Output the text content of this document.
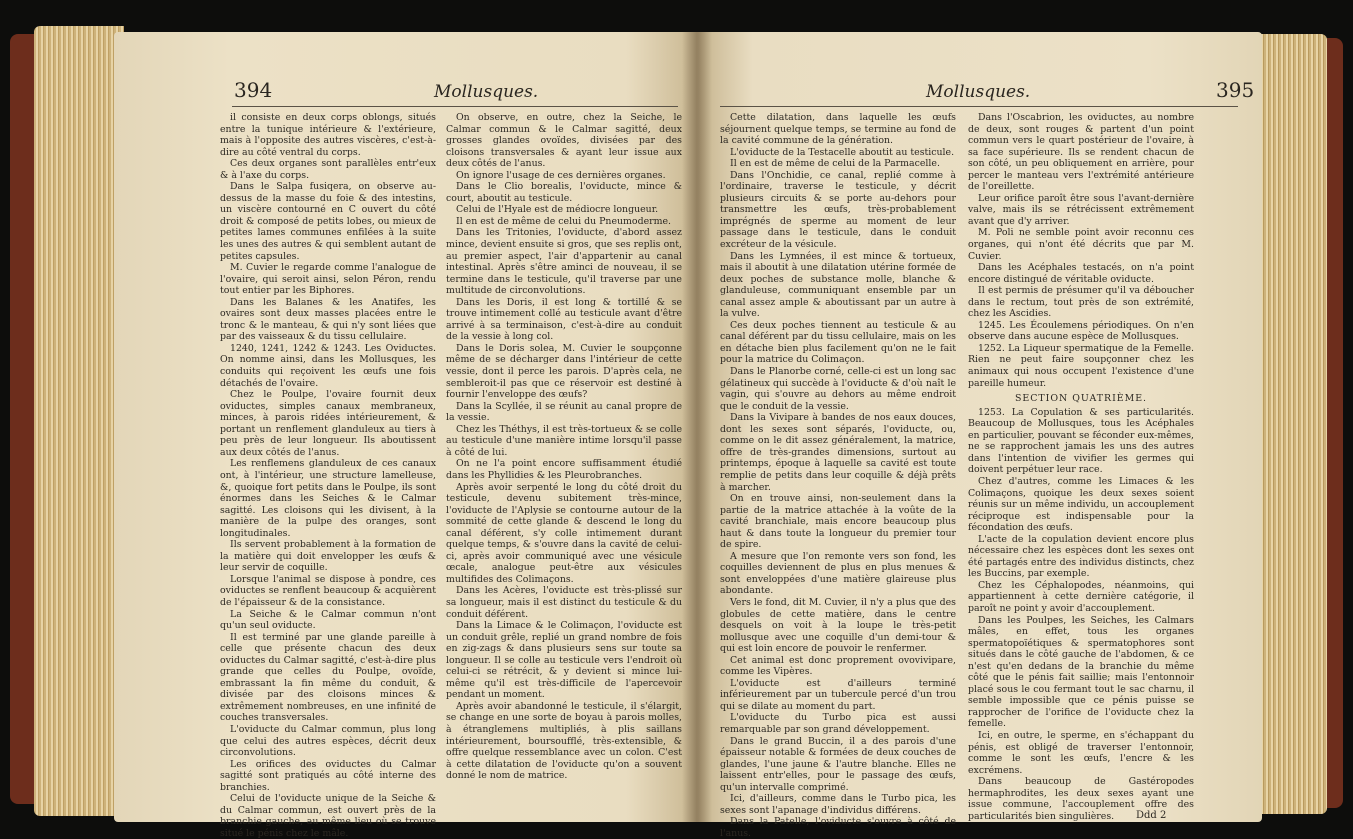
394	Mollusques.

il consiste en deux corps oblongs, situés entre la tunique intérieure & l'extérieure, mais à l'opposite des autres viscères, c'est-à-dire au côté ventral du corps.

Ces deux organes sont parallèles entr'eux & à l'axe du corps.

Dans le Salpa fusiqera, on observe au-dessus de la masse du foie & des intestins, un viscère contourné en C ouvert du côté droit & composé de petits lobes, ou mieux de petites lames communes enfilées à la suite les unes des autres & qui semblent autant de petites capsules.

M. Cuvier le regarde comme l'analogue de l'ovaire, qui seroit ainsi, selon Péron, rendu tout entier par les Biphores.

Dans les Balanes & les Anatifes, les ovaires sont deux masses placées entre le tronc & le manteau, & qui n'y sont liées que par des vaisseaux & du tissu cellulaire.

1240, 1241, 1242 & 1243. Les Oviductes. On nomme ainsi, dans les Mollusques, les conduits qui reçoivent les œufs une fois détachés de l'ovaire.

Chez le Poulpe, l'ovaire fournit deux oviductes, simples canaux membraneux, minces, à parois ridées intérieurement, & portant un renflement glanduleux au tiers à peu près de leur longueur. Ils aboutissent aux deux côtés de l'anus.

Les renflemens glanduleux de ces canaux ont, à l'intérieur, une structure lamelleuse, &, quoique fort petits dans le Poulpe, ils sont énormes dans les Seiches & le Calmar sagitté. Les cloisons qui les divisent, à la manière de la pulpe des oranges, sont longitudinales.

Ils servent probablement à la formation de la matière qui doit envelopper les œufs & leur servir de coquille.

Lorsque l'animal se dispose à pondre, ces oviductes se renflent beaucoup & acquièrent de l'épaisseur & de la consistance.

La Seiche & le Calmar commun n'ont qu'un seul oviducte.

Il est terminé par une glande pareille à celle que présente chacun des deux oviductes du Calmar sagitté, c'est-à-dire plus grande que celles du Poulpe, ovoïde, embrassant la fin même du conduit, & divisée par des cloisons minces & extrêmement nombreuses, en une infinité de couches transversales.

L'oviducte du Calmar commun, plus long que celui des autres espèces, décrit deux circonvolutions.

Les orifices des oviductes du Calmar sagitté sont pratiqués au côté interne des branchies.

Celui de l'oviducte unique de la Seiche & du Calmar commun, est ouvert près de la branchie gauche, au même lieu où se trouve situé le pénis chez le mâle.

On observe, en outre, chez la Seiche, le Calmar commun & le Calmar sagitté, deux grosses glandes ovoïdes, divisées par des cloisons transversales & ayant leur issue aux deux côtés de l'anus.

On ignore l'usage de ces dernières organes.

Dans le Clio borealis, l'oviducte, mince & court, aboutit au testicule.

Celui de l'Hyale est de médiocre longueur.

Il en est de même de celui du Pneumoderme.

Dans les Tritonies, l'oviducte, d'abord assez mince, devient ensuite si gros, que ses replis ont, au premier aspect, l'air d'appartenir au canal intestinal. Après s'être aminci de nouveau, il se termine dans le testicule, qu'il traverse par une multitude de circonvolutions.

Dans les Doris, il est long & tortillé & se trouve intimement collé au testicule avant d'être arrivé à sa terminaison, c'est-à-dire au conduit de la vessie à long col.

Dans le Doris solea, M. Cuvier le soupçonne même de se décharger dans l'intérieur de cette vessie, dont il perce les parois. D'après cela, ne sembleroit-il pas que ce réservoir est destiné à fournir l'enveloppe des œufs?

Dans la Scyllée, il se réunit au canal propre de la vessie.

Chez les Théthys, il est très-tortueux & se colle au testicule d'une manière intime lorsqu'il passe à côté de lui.

On ne l'a point encore suffisamment étudié dans les Phyllidies & les Pleurobranches.

Après avoir serpenté le long du côté droit du testicule, devenu subitement très-mince, l'oviducte de l'Aplysie se contourne autour de la sommité de cette glande & descend le long du canal déférent, s'y colle intimement durant quelque temps, & s'ouvre dans la cavité de celui-ci, après avoir communiqué avec une vésicule œcale, analogue peut-être aux vésicules multifides des Colimaçons.

Dans les Acères, l'oviducte est très-plissé sur sa longueur, mais il est distinct du testicule & du conduit déférent.

Dans la Limace & le Colimaçon, l'oviducte est un conduit grêle, replié un grand nombre de fois en zig-zags & dans plusieurs sens sur toute sa longueur. Il se colle au testicule vers l'endroit où celui-ci se rétrécit, & y devient si mince lui-même qu'il est très-difficile de l'apercevoir pendant un moment.

Après avoir abandonné le testicule, il s'élargit, se change en une sorte de boyau à parois molles, à étranglemens multipliés, à plis saillans intérieurement, boursoufflé, très-extensible, & offre quelque ressemblance avec un colon. C'est à cette dilatation de l'oviducte qu'on a souvent donné le nom de matrice.

Mollusques.	395

Cette dilatation, dans laquelle les œufs séjournent quelque temps, se termine au fond de la cavité commune de la génération.

L'oviducte de la Testacelle aboutit au testicule.

Il en est de même de celui de la Parmacelle.

Dans l'Onchidie, ce canal, replié comme à l'ordinaire, traverse le testicule, y décrit plusieurs circuits & se porte au-dehors pour transmettre les œufs, très-probablement imprégnés de sperme au moment de leur passage dans le testicule, dans le conduit excréteur de la vésicule.

Dans les Lymnées, il est mince & tortueux, mais il aboutit à une dilatation utérine formée de deux poches de substance molle, blanche & glanduleuse, communiquant ensemble par un canal assez ample & aboutissant par un autre à la vulve.

Ces deux poches tiennent au testicule & au canal déférent par du tissu cellulaire, mais on les en détache bien plus facilement qu'on ne le fait pour la matrice du Colimaçon.

Dans le Planorbe corné, celle-ci est un long sac gélatineux qui succède à l'oviducte & d'où naît le vagin, qui s'ouvre au dehors au même endroit que le conduit de la vessie.

Dans la Vivipare à bandes de nos eaux douces, dont les sexes sont séparés, l'oviducte, ou, comme on le dit assez généralement, la matrice, offre de très-grandes dimensions, surtout au printemps, époque à laquelle sa cavité est toute remplie de petits dans leur coquille & déjà prêts à marcher.

On en trouve ainsi, non-seulement dans la partie de la matrice attachée à la voûte de la cavité branchiale, mais encore beaucoup plus haut & dans toute la longueur du premier tour de spire.

A mesure que l'on remonte vers son fond, les coquilles deviennent de plus en plus menues & sont enveloppées d'une matière glaireuse plus abondante.

Vers le fond, dit M. Cuvier, il n'y a plus que des globules de cette matière, dans le centre desquels on voit à la loupe le très-petit mollusque avec une coquille d'un demi-tour & qui est loin encore de pouvoir le renfermer.

Cet animal est donc proprement ovovivipare, comme les Vipères.

L'oviducte est d'ailleurs terminé inférieurement par un tubercule percé d'un trou qui se dilate au moment du part.

L'oviducte du Turbo pica est aussi remarquable par son grand développement.

Dans le grand Buccin, il a des parois d'une épaisseur notable & formées de deux couches de glandes, l'une jaune & l'autre blanche. Elles ne laissent entr'elles, pour le passage des œufs, qu'un intervalle comprimé.

Ici, d'ailleurs, comme dans le Turbo pica, les sexes sont l'apanage d'individus différens.

Dans la Patelle, l'oviducte s'ouvre à côté de l'anus.

Dans l'Oscabrion, les oviductes, au nombre de deux, sont rouges & partent d'un point commun vers le quart postérieur de l'ovaire, à sa face supérieure. Ils se rendent chacun de son côté, un peu obliquement en arrière, pour percer le manteau vers l'extrémité antérieure de l'oreillette.

Leur orifice paroît être sous l'avant-dernière valve, mais ils se rétrécissent extrêmement avant que d'y arriver.

M. Poli ne semble point avoir reconnu ces organes, qui n'ont été décrits que par M. Cuvier.

Dans les Acéphales testacés, on n'a point encore distingué de véritable oviducte.

Il est permis de présumer qu'il va déboucher dans le rectum, tout près de son extrémité, chez les Ascidies.

1245. Les Écoulemens périodiques. On n'en observe dans aucune espèce de Mollusques.

1252. La Liqueur spermatique de la Femelle. Rien ne peut faire soupçonner chez les animaux qui nous occupent l'existence d'une pareille humeur.

SECTION QUATRIÈME.

1253. La Copulation & ses particularités. Beaucoup de Mollusques, tous les Acéphales en particulier, pouvant se féconder eux-mêmes, ne se rapprochent jamais les uns des autres dans l'intention de vivifier les germes qui doivent perpétuer leur race.

Chez d'autres, comme les Limaces & les Colimaçons, quoique les deux sexes soient réunis sur un même individu, un accouplement réciproque est indispensable pour la fécondation des œufs.

L'acte de la copulation devient encore plus nécessaire chez les espèces dont les sexes ont été partagés entre des individus distincts, chez les Buccins, par exemple.

Chez les Céphalopodes, néanmoins, qui appartiennent à cette dernière catégorie, il paroît ne point y avoir d'accouplement.

Dans les Poulpes, les Seiches, les Calmars mâles, en effet, tous les organes spermatopoïétiques & spermatophores sont situés dans le côté gauche de l'abdomen, & ce n'est qu'en dedans de la branchie du même côté que le pénis fait saillie; mais l'entonnoir placé sous le cou fermant tout le sac charnu, il semble impossible que ce pénis puisse se rapprocher de l'orifice de l'oviducte chez la femelle.

Ici, en outre, le sperme, en s'échappant du pénis, est obligé de traverser l'entonnoir, comme le sont les œufs, l'encre & les excrémens.

Dans beaucoup de Gastéropodes hermaphrodites, les deux sexes ayant une issue commune, l'accouplement offre des particularités bien singulières.	Ddd 2
